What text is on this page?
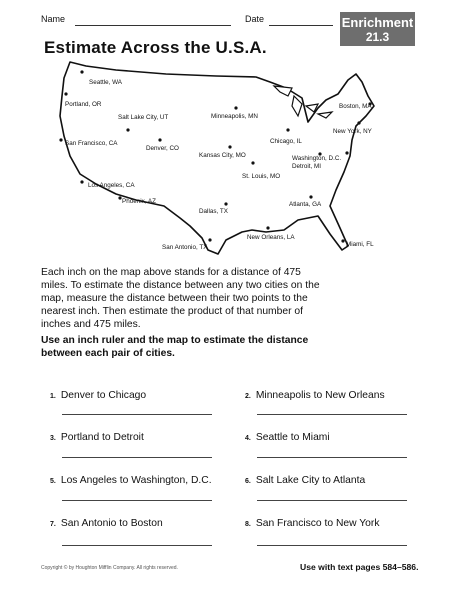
Name	Date	Enrichment
21.3
Estimate Across the U.S.A.
Seattle, WA
Portland, OR
Salt Lake City, UT
San Francisco, CA
Denver, CO
Los Angeles, CA
Phoenix, AZ
Minneapolis, MN
Kansas City, MO
Chicago, IL
Detroit, MI
St. Louis, MO
Dallas, TX
San Antonio, TX
New Orleans, LA
Atlanta, GA
Miami, FL
Washington, D.C.
New York, NY
Boston, MA
Each inch on the map above stands for a distance of 475 miles. To estimate the distance between any two cities on the map, measure the distance between their two points to the nearest inch. Then estimate the product of that number of inches and 475 miles.
Use an inch ruler and the map to estimate the distance between each pair of cities.
1. Denver to Chicago	2. Minneapolis to New Orleans
3. Portland to Detroit	4. Seattle to Miami
5. Los Angeles to Washington, D.C.	6. Salt Lake City to Atlanta
7. San Antonio to Boston	8. San Francisco to New York
Copyright © by Houghton Mifflin Company. All rights reserved.	Use with text pages 584–586.
